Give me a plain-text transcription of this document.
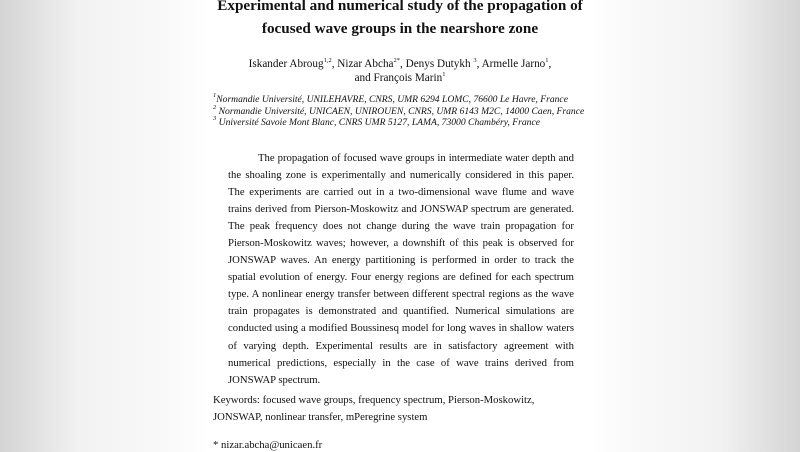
Experimental and numerical study of the propagation of focused wave groups in the nearshore zone
Iskander Abroug$^{1,2}$, Nizar Abcha$^{2*}$, Denys Dutykh $^3$, Armelle Jarno$^1$,
and François Marin$^1$
$^1$Normandie Université, UNILEHAVRE, CNRS, UMR 6294 LOMC, 76600 Le Havre, France
$^2$ Normandie Université, UNICAEN, UNIROUEN, CNRS, UMR 6143 M2C, 14000 Caen, France
$^3$ Université Savoie Mont Blanc, CNRS UMR 5127, LAMA, 73000 Chambéry, France

The propagation of focused wave groups in intermediate water depth and the shoaling zone is experimentally and numerically considered in this paper. The experiments are carried out in a two-dimensional wave flume and wave trains derived from Pierson-Moskowitz and JONSWAP spectrum are generated. The peak frequency does not change during the wave train propagation for Pierson-Moskowitz waves; however, a downshift of this peak is observed for JONSWAP waves. An energy partitioning is performed in order to track the spatial evolution of energy. Four energy regions are defined for each spectrum type. A nonlinear energy transfer between different spectral regions as the wave train propagates is demonstrated and quantified. Numerical simulations are conducted using a modified Boussinesq model for long waves in shallow waters of varying depth. Experimental results are in satisfactory agreement with numerical predictions, especially in the case of wave trains derived from JONSWAP spectrum.

Keywords: focused wave groups, frequency spectrum, Pierson-Moskowitz, JONSWAP, nonlinear transfer, mPeregrine system

* nizar.abcha@unicaen.fr
